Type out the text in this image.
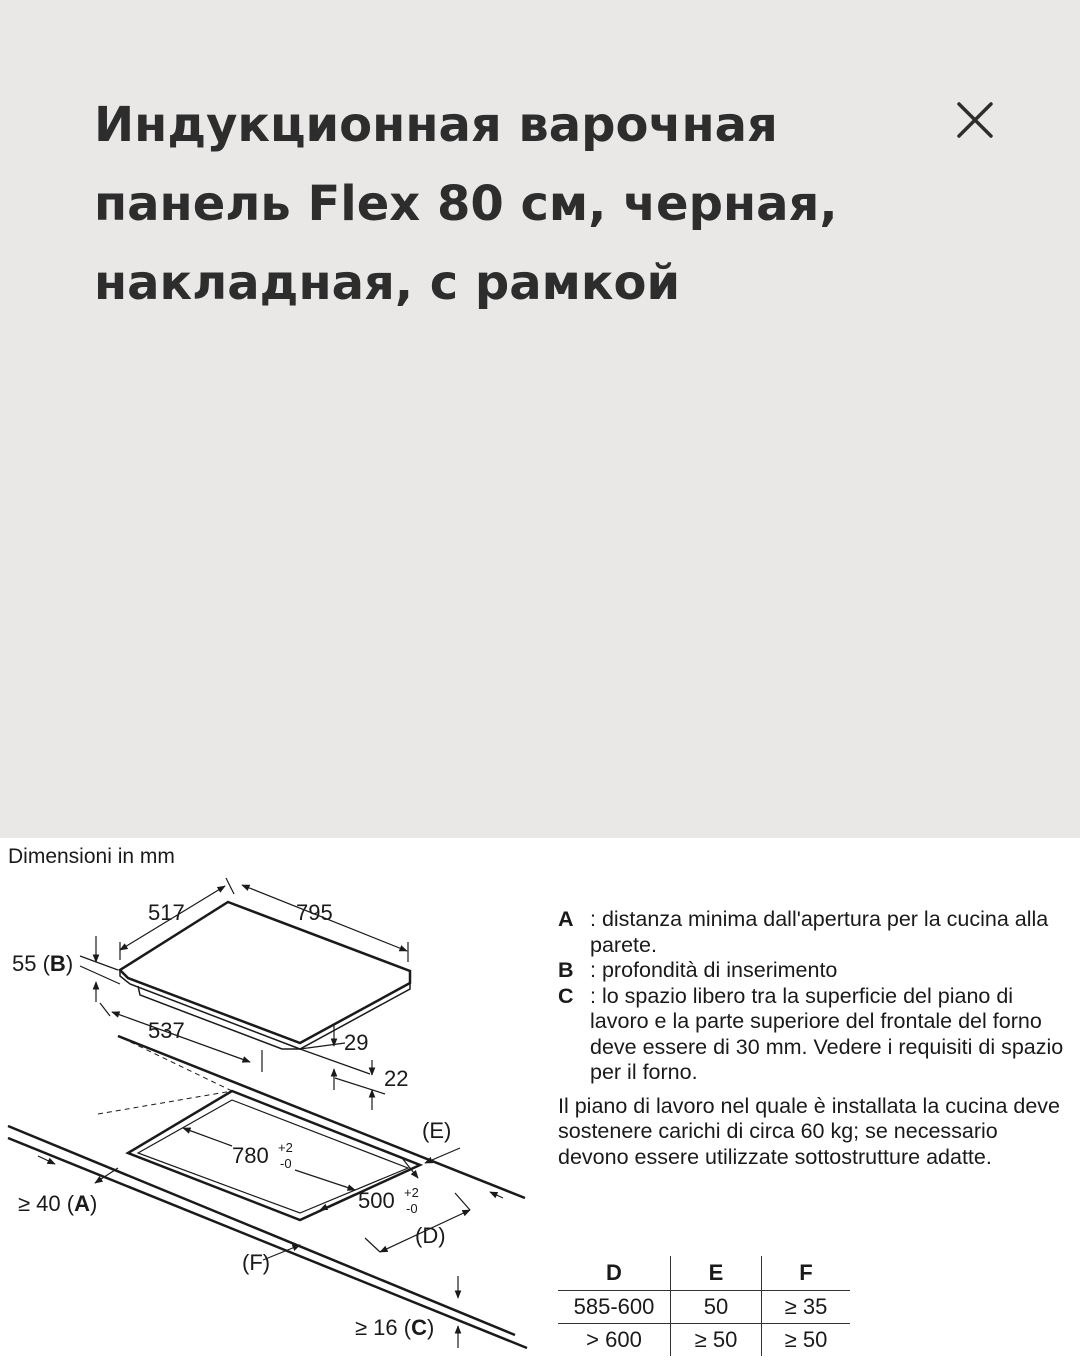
Индукционная варочная панель Flex 80 см, черная, накладная, с рамкой
Dimensioni in mm
517	795
55 (B)
537	29
22
(E)
780 +2
-0
500 +2
-0
(D)
≥ 40 (A)
(F)
≥ 16 (C)
A : distanza minima dall'apertura per la cucina alla parete.
B : profondità di inserimento
C : lo spazio libero tra la superficie del piano di lavoro e la parte superiore del frontale del forno deve essere di 30 mm. Vedere i requisiti di spazio per il forno.
Il piano di lavoro nel quale è installata la cucina deve sostenere carichi di circa 60 kg; se necessario devono essere utilizzate sottostrutture adatte.
D	E	F
585-600	50	≥ 35
> 600	≥ 50	≥ 50
